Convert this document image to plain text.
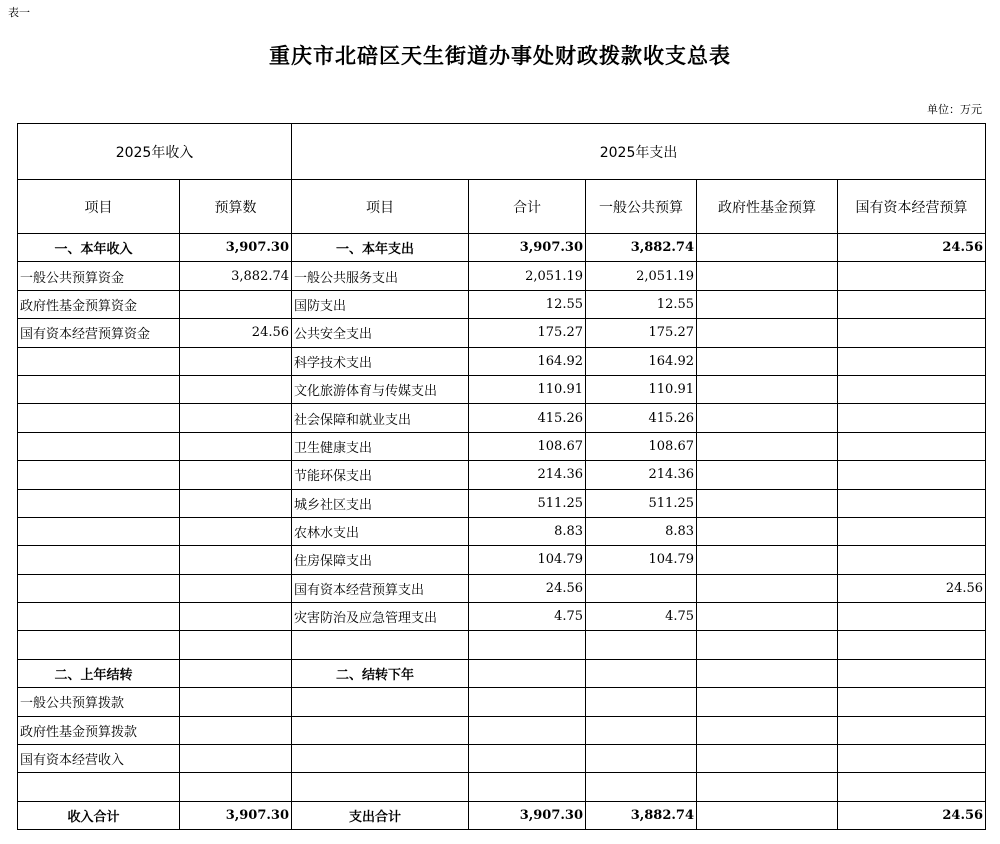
表一
重庆市北碚区天生街道办事处财政拨款收支总表
单位：万元
2025年收入		2025年支出				
项目	预算数	项目	合计	一般公共预算	政府性基金预算	国有资本经营预算
一、本年收入	3,907.30	一、本年支出	3,907.30	3,882.74		24.56
一般公共预算资金	3,882.74	一般公共服务支出	2,051.19	2,051.19		
政府性基金预算资金		国防支出	12.55	12.55		
国有资本经营预算资金	24.56	公共安全支出	175.27	175.27		
		科学技术支出	164.92	164.92		
		文化旅游体育与传媒支出	110.91	110.91		
		社会保障和就业支出	415.26	415.26		
		卫生健康支出	108.67	108.67		
		节能环保支出	214.36	214.36		
		城乡社区支出	511.25	511.25		
		农林水支出	8.83	8.83		
		住房保障支出	104.79	104.79		
		国有资本经营预算支出	24.56			24.56
		灾害防治及应急管理支出	4.75	4.75		

二、上年结转		二、结转下年				
一般公共预算拨款						
政府性基金预算拨款						
国有资本经营收入						

收入合计	3,907.30	支出合计	3,907.30	3,882.74		24.56
